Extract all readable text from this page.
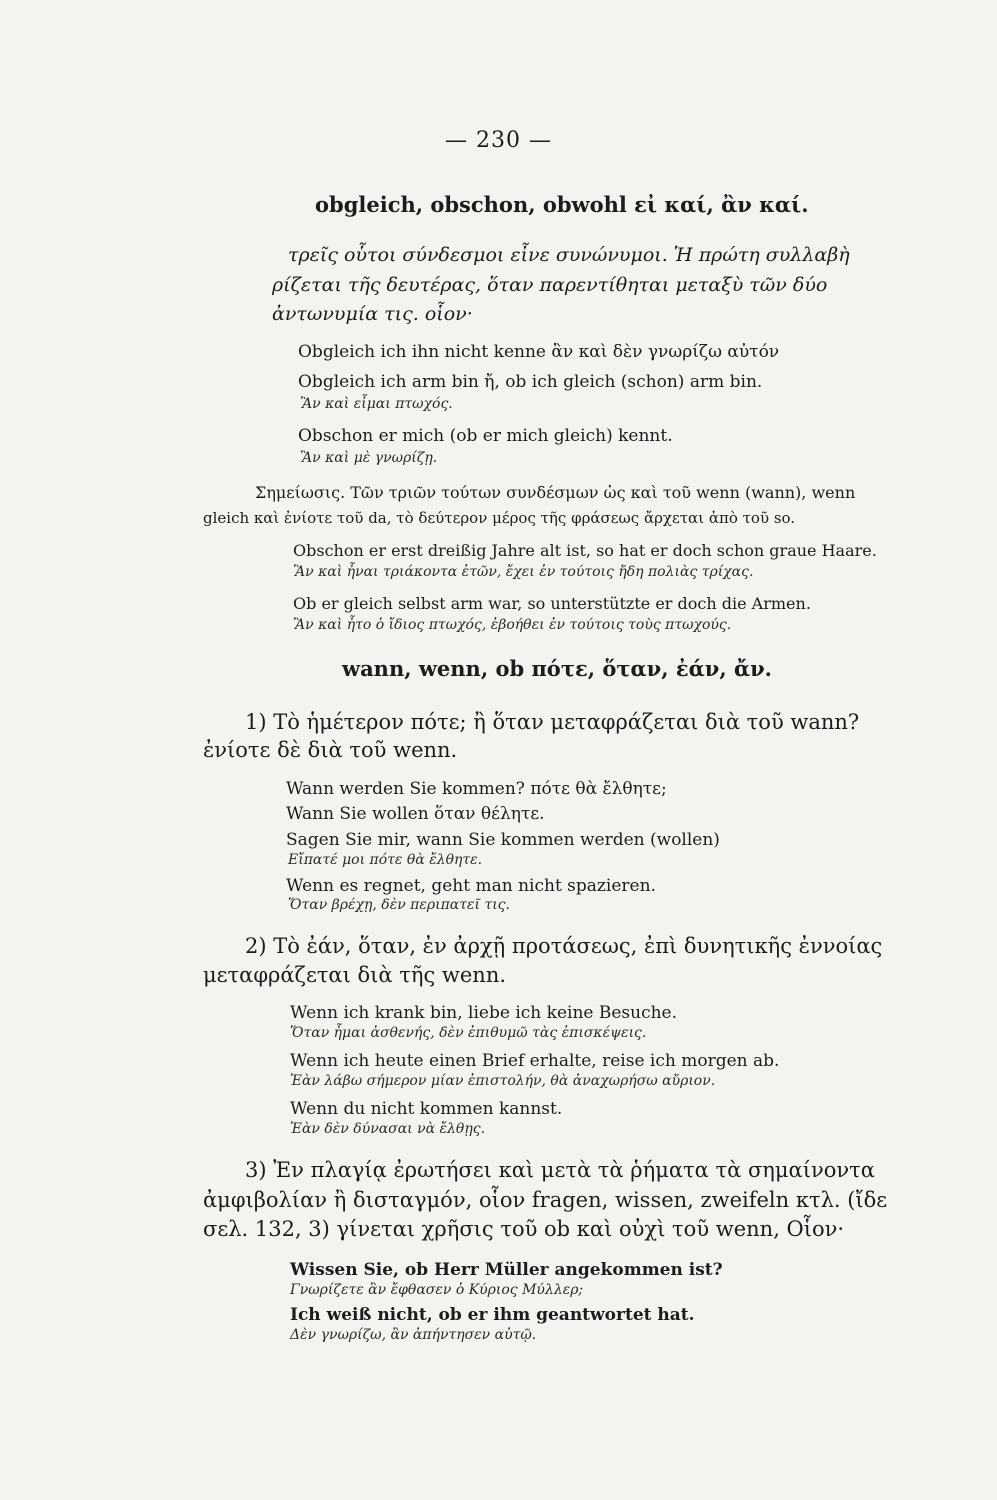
— 230 —
obgleich, obschon, obwohl εἰ καί, ἂν καί.
τρεῖς οὗτοι σύνδεσμοι εἶνε συνώνυμοι. Ἡ πρώτη συλλαβὴ
ρίζεται τῆς δευτέρας, ὅταν παρεντίθηται μεταξὺ τῶν δύο
ἀντωνυμία τις. οἷον·
Obgleich ich ihn nicht kenne ἂν καὶ δὲν γνωρίζω αὐτόν
Obgleich ich arm bin ἤ, ob ich gleich (schon) arm bin.
Ἂν καὶ εἶμαι πτωχός.
Obschon er mich (ob er mich gleich) kennt.
Ἂν καὶ μὲ γνωρίζῃ.
Σημείωσις. Τῶν τριῶν τούτων συνδέσμων ὡς καὶ τοῦ wenn (wann), wenn
gleich καὶ ἐνίοτε τοῦ da, τὸ δεύτερον μέρος τῆς φράσεως ἄρχεται ἀπὸ τοῦ so.
Obschon er erst dreißig Jahre alt ist, so hat er doch schon graue Haare.
Ἂν καὶ ἦναι τριάκοντα ἐτῶν, ἔχει ἐν τούτοις ἤδη πολιὰς τρίχας.
Ob er gleich selbst arm war, so unterstützte er doch die Armen.
Ἂν καὶ ἦτο ὁ ἴδιος πτωχός, ἐβοήθει ἐν τούτοις τοὺς πτωχούς.
wann, wenn, ob πότε, ὅταν, ἐάν, ἄν.
1) Τὸ ἡμέτερον πότε; ἢ ὅταν μεταφράζεται διὰ τοῦ wann?
ἐνίοτε δὲ διὰ τοῦ wenn.
Wann werden Sie kommen? πότε θὰ ἔλθητε;
Wann Sie wollen ὅταν θέλητε.
Sagen Sie mir, wann Sie kommen werden (wollen)
Εἴπατέ μοι πότε θὰ ἔλθητε.
Wenn es regnet, geht man nicht spazieren.
Ὅταν βρέχῃ, δὲν περιπατεῖ τις.
2) Τὸ ἐάν, ὅταν, ἐν ἀρχῇ προτάσεως, ἐπὶ δυνητικῆς ἐννοίας
μεταφράζεται διὰ τῆς wenn.
Wenn ich krank bin, liebe ich keine Besuche.
Ὅταν ἦμαι ἀσθενής, δὲν ἐπιθυμῶ τὰς ἐπισκέψεις.
Wenn ich heute einen Brief erhalte, reise ich morgen ab.
Ἐὰν λάβω σήμερον μίαν ἐπιστολήν, θὰ ἀναχωρήσω αὔριον.
Wenn du nicht kommen kannst.
Ἐὰν δὲν δύνασαι νὰ ἔλθῃς.
3) Ἐν πλαγίᾳ ἐρωτήσει καὶ μετὰ τὰ ῥήματα τὰ σημαίνοντα
ἀμφιβολίαν ἢ δισταγμόν, οἷον fragen, wissen, zweifeln κτλ. (ἴδε
σελ. 132, 3) γίνεται χρῆσις τοῦ ob καὶ οὐχὶ τοῦ wenn, Οἷον·
Wissen Sie, ob Herr Müller angekommen ist?
Γνωρίζετε ἂν ἔφθασεν ὁ Κύριος Μύλλερ;
Ich weiß nicht, ob er ihm geantwortet hat.
Δὲν γνωρίζω, ἂν ἀπήντησεν αὐτῷ.
